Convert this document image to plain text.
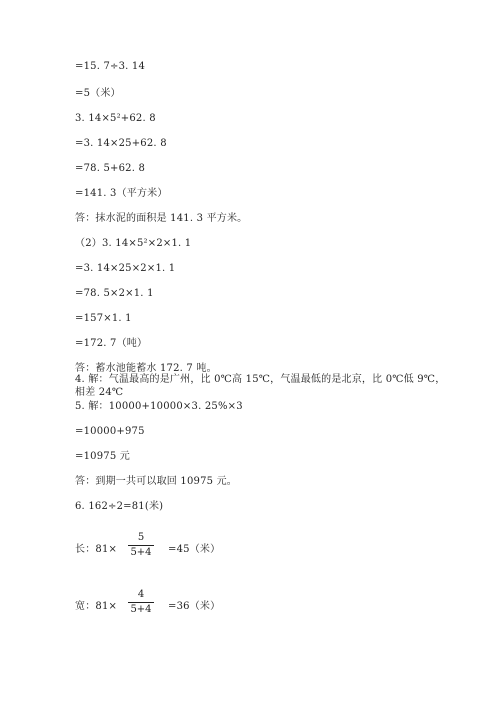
=15. 7÷3. 14
=5（米）
3. 14×5²+62. 8
=3. 14×25+62. 8
=78. 5+62. 8
=141. 3（平方米）
答：抹水泥的面积是 141. 3 平方米。
（2）3. 14×5²×2×1. 1
=3. 14×25×2×1. 1
=78. 5×2×1. 1
=157×1. 1
=172. 7（吨）
答：蓄水池能蓄水 172. 7 吨。
4. 解：气温最高的是广州，比 0℃高 15℃，气温最低的是北京，比 0℃低 9℃，
相差 24℃
5. 解：10000+10000×3. 25%×3
=10000+975
=10975 元
答：到期一共可以取回 10975 元。
6. 162÷2=81(米)
长：81×
5
5+4 =45（米）
宽：81×
4
5+4 =36（米）
